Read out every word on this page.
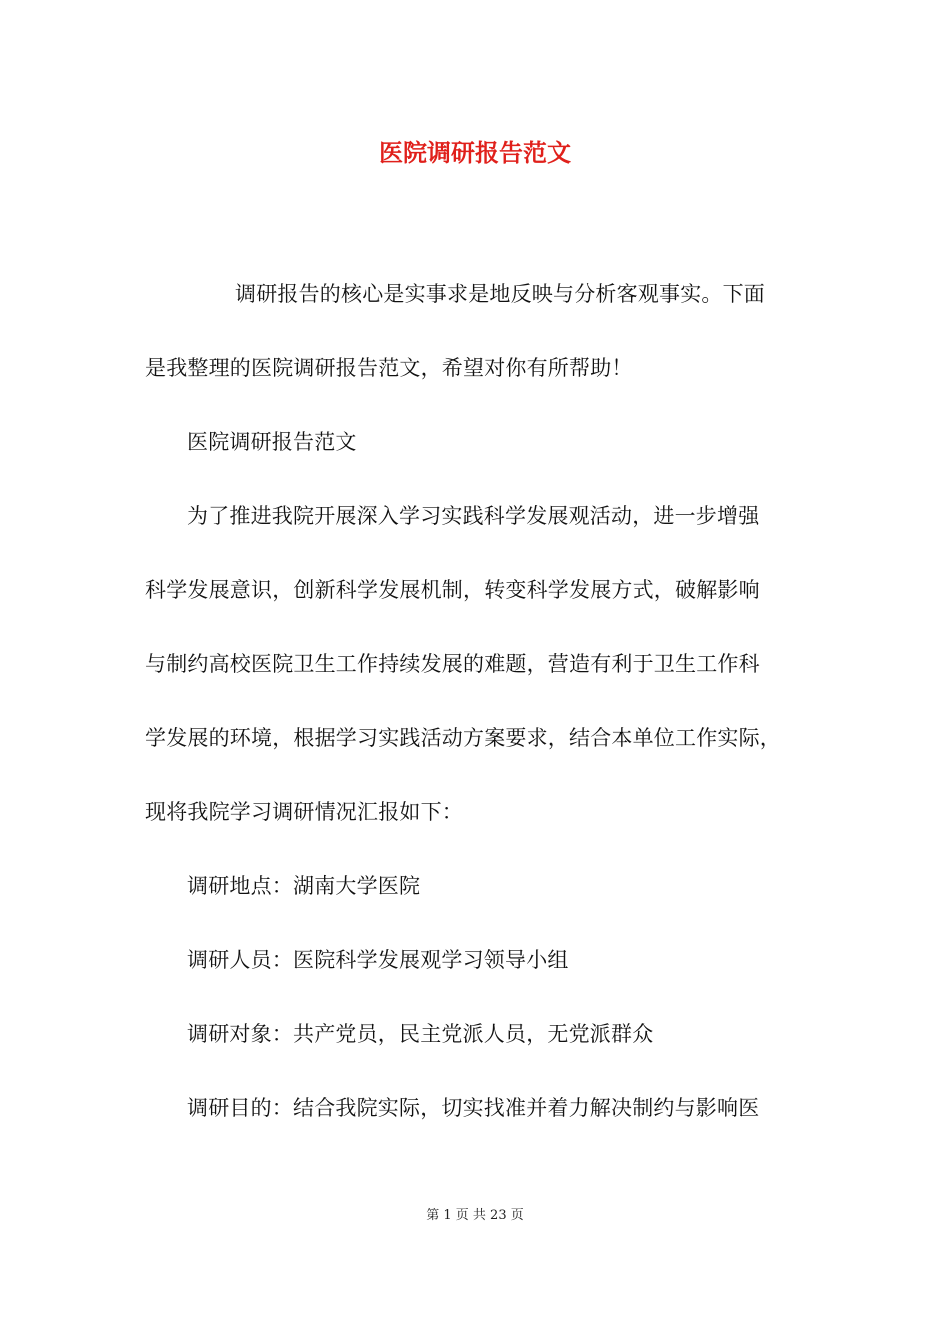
医院调研报告范文

调研报告的核心是实事求是地反映与分析客观事实。下面
是我整理的医院调研报告范文，希望对你有所帮助！
医院调研报告范文
为了推进我院开展深入学习实践科学发展观活动，进一步增强
科学发展意识，创新科学发展机制，转变科学发展方式，破解影响
与制约高校医院卫生工作持续发展的难题，营造有利于卫生工作科
学发展的环境，根据学习实践活动方案要求，结合本单位工作实际，
现将我院学习调研情况汇报如下：
调研地点：湖南大学医院
调研人员：医院科学发展观学习领导小组
调研对象：共产党员，民主党派人员，无党派群众
调研目的：结合我院实际，切实找准并着力解决制约与影响医

第 1 页 共 23 页
